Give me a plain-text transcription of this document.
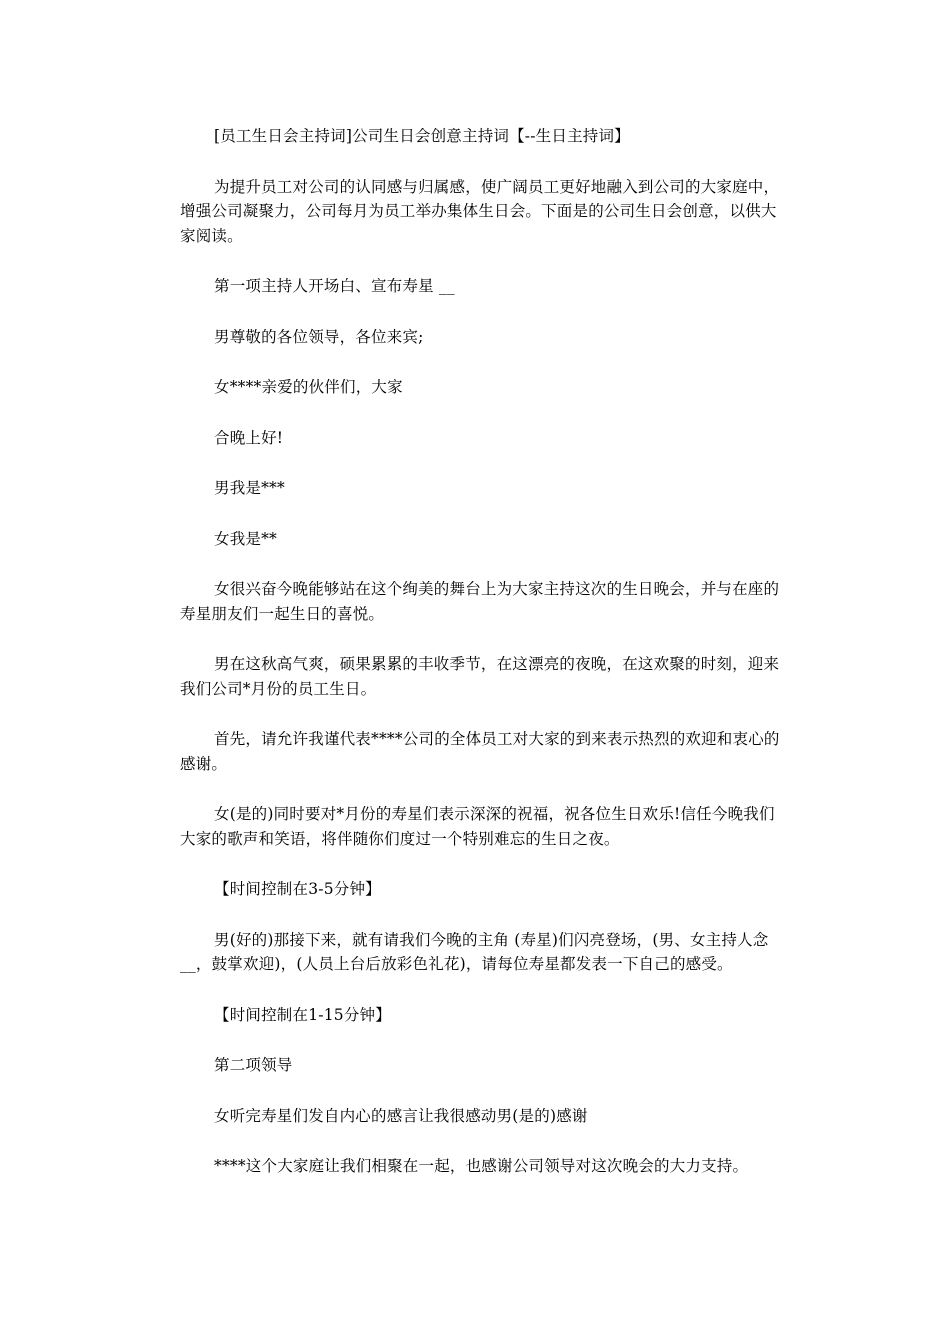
[员工生日会主持词]公司生日会创意主持词【--生日主持词】

为提升员工对公司的认同感与归属感，使广阔员工更好地融入到公司的大家庭中，增强公司凝聚力，公司每月为员工举办集体生日会。下面是的公司生日会创意，以供大家阅读。

第一项主持人开场白、宣布寿星 __

男尊敬的各位领导，各位来宾;

女****亲爱的伙伴们，大家

合晚上好!

男我是***

女我是**

女很兴奋今晚能够站在这个绚美的舞台上为大家主持这次的生日晚会，并与在座的寿星朋友们一起生日的喜悦。

男在这秋高气爽，硕果累累的丰收季节，在这漂亮的夜晚，在这欢聚的时刻，迎来我们公司*月份的员工生日。

首先，请允许我谨代表****公司的全体员工对大家的到来表示热烈的欢迎和衷心的感谢。

女(是的)同时要对*月份的寿星们表示深深的祝福，祝各位生日欢乐!信任今晚我们大家的歌声和笑语，将伴随你们度过一个特别难忘的生日之夜。

【时间控制在3-5分钟】

男(好的)那接下来，就有请我们今晚的主角 (寿星)们闪亮登场，(男、女主持人念 __，鼓掌欢迎)，(人员上台后放彩色礼花)，请每位寿星都发表一下自己的感受。

【时间控制在1-15分钟】

第二项领导

女听完寿星们发自内心的感言让我很感动男(是的)感谢

****这个大家庭让我们相聚在一起，也感谢公司领导对这次晚会的大力支持。
